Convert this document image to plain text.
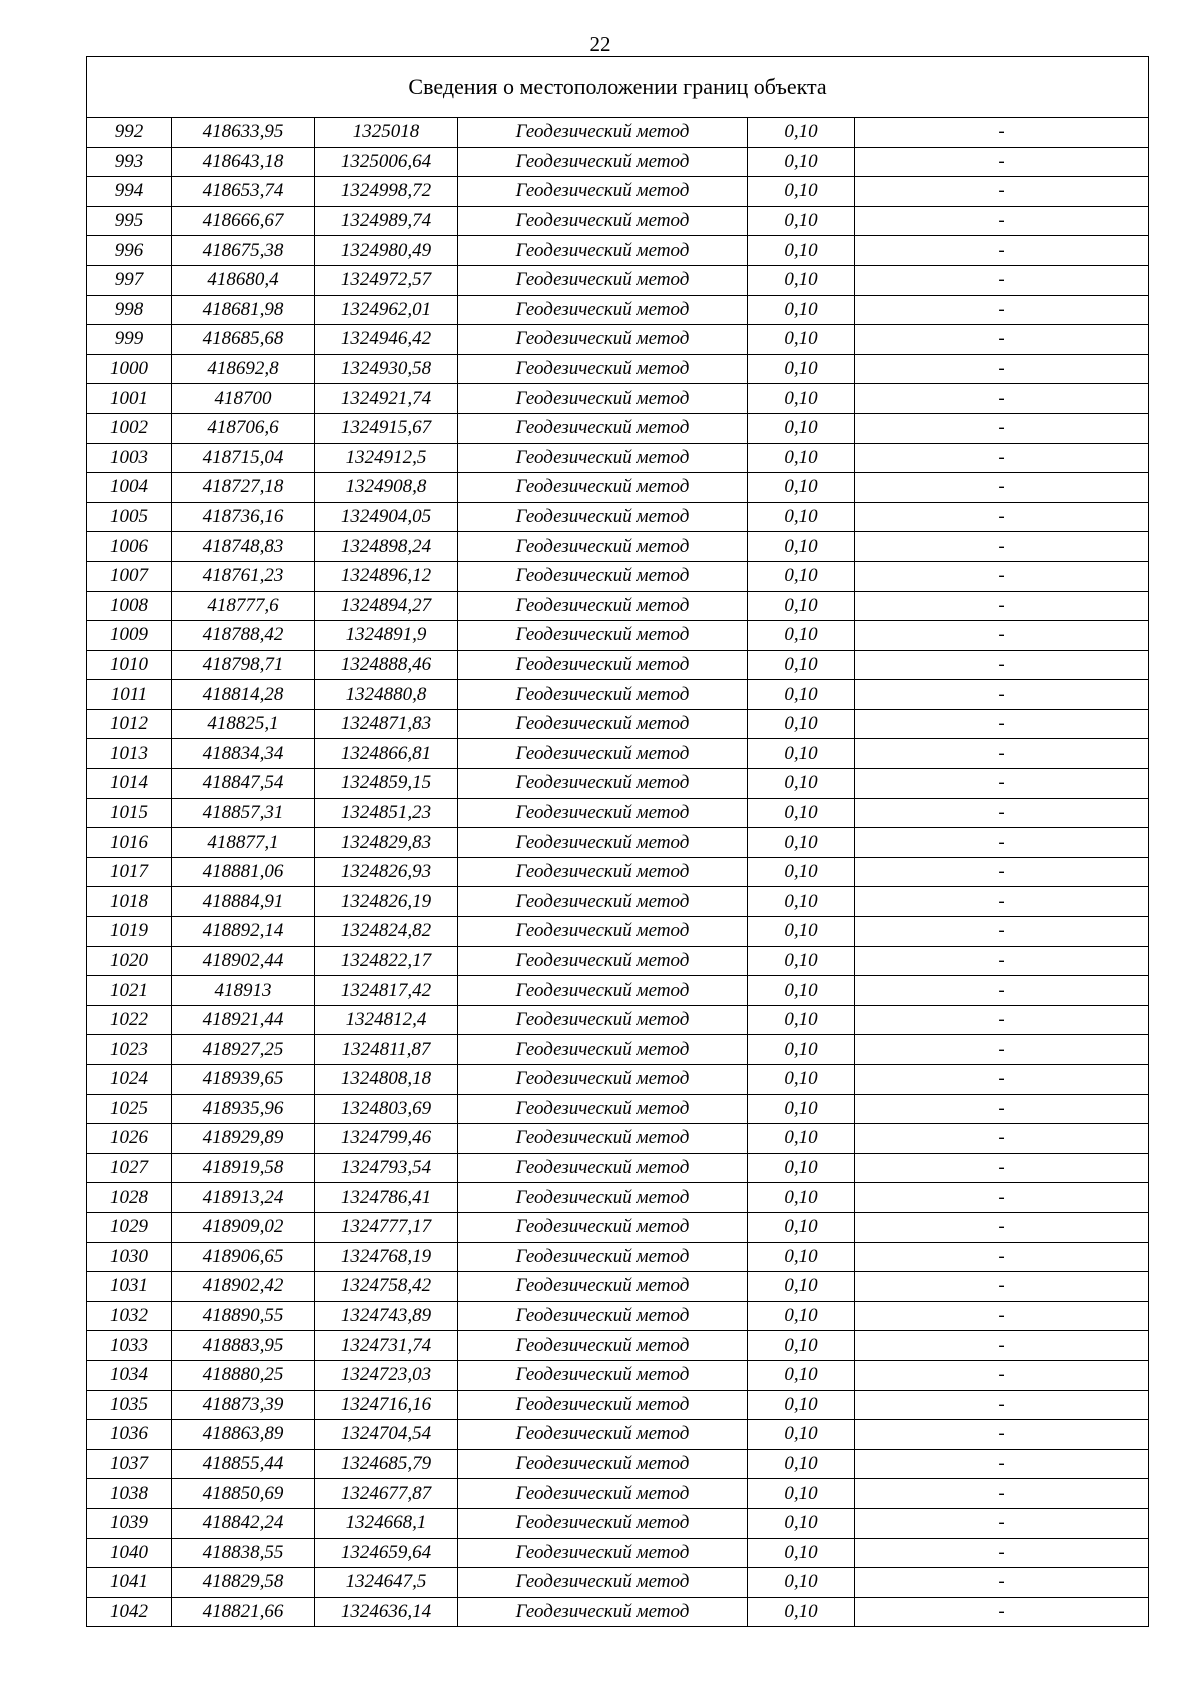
22
Сведения о местоположении границ объекта					
992	418633,95	1325018	Геодезический метод	0,10	-
993	418643,18	1325006,64	Геодезический метод	0,10	-
994	418653,74	1324998,72	Геодезический метод	0,10	-
995	418666,67	1324989,74	Геодезический метод	0,10	-
996	418675,38	1324980,49	Геодезический метод	0,10	-
997	418680,4	1324972,57	Геодезический метод	0,10	-
998	418681,98	1324962,01	Геодезический метод	0,10	-
999	418685,68	1324946,42	Геодезический метод	0,10	-
1000	418692,8	1324930,58	Геодезический метод	0,10	-
1001	418700	1324921,74	Геодезический метод	0,10	-
1002	418706,6	1324915,67	Геодезический метод	0,10	-
1003	418715,04	1324912,5	Геодезический метод	0,10	-
1004	418727,18	1324908,8	Геодезический метод	0,10	-
1005	418736,16	1324904,05	Геодезический метод	0,10	-
1006	418748,83	1324898,24	Геодезический метод	0,10	-
1007	418761,23	1324896,12	Геодезический метод	0,10	-
1008	418777,6	1324894,27	Геодезический метод	0,10	-
1009	418788,42	1324891,9	Геодезический метод	0,10	-
1010	418798,71	1324888,46	Геодезический метод	0,10	-
1011	418814,28	1324880,8	Геодезический метод	0,10	-
1012	418825,1	1324871,83	Геодезический метод	0,10	-
1013	418834,34	1324866,81	Геодезический метод	0,10	-
1014	418847,54	1324859,15	Геодезический метод	0,10	-
1015	418857,31	1324851,23	Геодезический метод	0,10	-
1016	418877,1	1324829,83	Геодезический метод	0,10	-
1017	418881,06	1324826,93	Геодезический метод	0,10	-
1018	418884,91	1324826,19	Геодезический метод	0,10	-
1019	418892,14	1324824,82	Геодезический метод	0,10	-
1020	418902,44	1324822,17	Геодезический метод	0,10	-
1021	418913	1324817,42	Геодезический метод	0,10	-
1022	418921,44	1324812,4	Геодезический метод	0,10	-
1023	418927,25	1324811,87	Геодезический метод	0,10	-
1024	418939,65	1324808,18	Геодезический метод	0,10	-
1025	418935,96	1324803,69	Геодезический метод	0,10	-
1026	418929,89	1324799,46	Геодезический метод	0,10	-
1027	418919,58	1324793,54	Геодезический метод	0,10	-
1028	418913,24	1324786,41	Геодезический метод	0,10	-
1029	418909,02	1324777,17	Геодезический метод	0,10	-
1030	418906,65	1324768,19	Геодезический метод	0,10	-
1031	418902,42	1324758,42	Геодезический метод	0,10	-
1032	418890,55	1324743,89	Геодезический метод	0,10	-
1033	418883,95	1324731,74	Геодезический метод	0,10	-
1034	418880,25	1324723,03	Геодезический метод	0,10	-
1035	418873,39	1324716,16	Геодезический метод	0,10	-
1036	418863,89	1324704,54	Геодезический метод	0,10	-
1037	418855,44	1324685,79	Геодезический метод	0,10	-
1038	418850,69	1324677,87	Геодезический метод	0,10	-
1039	418842,24	1324668,1	Геодезический метод	0,10	-
1040	418838,55	1324659,64	Геодезический метод	0,10	-
1041	418829,58	1324647,5	Геодезический метод	0,10	-
1042	418821,66	1324636,14	Геодезический метод	0,10	-
